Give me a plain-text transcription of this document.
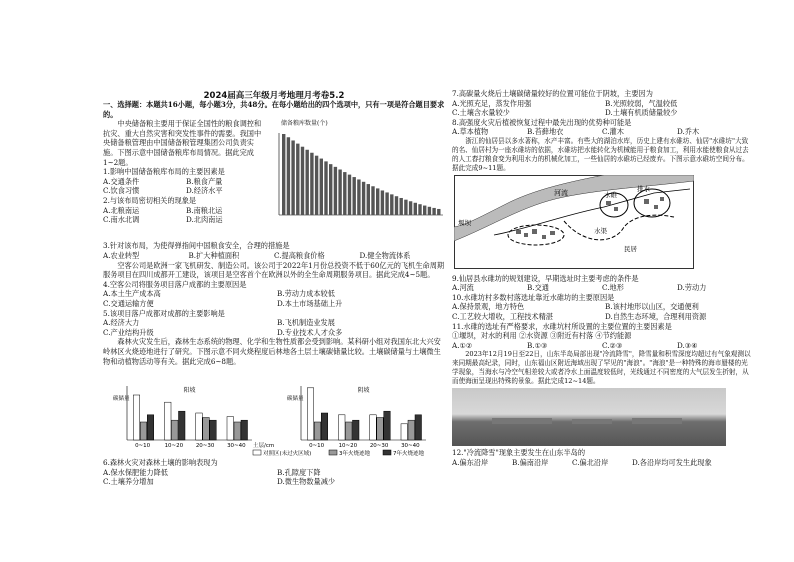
2024届高三年级月考地理月考卷5.2

一、选择题：本题共16小题，每小题3分，共48分。在每小题给出的四个选项中，只有一项是符合题目要求的。

中央储备粮主要用于保证全国性的粮食调控和抗灾、重大自然灾害和突发性事件的需要。我国中央储备粮管理由中国储备粮管理集团公司负责实施。下图示意中国储备粮库布局情况。据此完成1~2题。

1.影响中国储备粮库布局的主要因素是

A.交通条件	B.粮食产量
C.饮食习惯	D.经济水平

2.与该布局密切相关的现象是

A.北粮南运	B.南粮北运
C.南水北调	D.北肉南运
储备粮库数量(个)

3.针对该布局，为使得弹指间中国粮食安全，合理的措施是

A.农业转型	B.扩大种植面积	C.提高粮食价格	D.健全物流体系

空客公司是欧洲一家飞机研发、制造公司。该公司于2022年1月份总投资不低于60亿元的飞机生命周期服务项目在四川成都开工建设，该项目是空客首个在欧洲以外的全生命周期服务项目。据此完成4~5题。

4.空客公司将服务项目落户成都的主要原因是

A.本土生产成本高	B.劳动力成本较低
C.交通运输方便	D.本土市场基础上升

5.该项目落户成都对成都的主要影响是

A.经济大力	B.飞机制造业发展
C.产业结构升级	D.专业技术人才众多

森林火灾发生后，森林生态系统的物理、化学和生物性质都会受到影响。某科研小组对我国东北大兴安岭林区火烧迹地进行了研究。下图示意不同火烧程度后林地各土层土壤碳储量比较。土壤碳储量与土壤微生物和动植物活动等有关。据此完成6~8题。

阳坡
碳储量
0~10	10~20 20~30 30~40
阴坡
碳储量
0~10	10~20 20~30 30~40
土层/cm
对照区(未过火区域)	3年火烧迹地	7年火烧迹地

6.森林火灾对森林土壤的影响表现为

A.保水保肥能力降低	B.孔隙度下降
C.土壤养分增加	D.微生物数量减少

7.高碳量火烧后土壤碳储量较好的位置可能位于阴坡，主要因为

A.光照充足，蒸发作用强	B.光照较弱，气温较低
C.土壤含水量较少	D.土壤有机质储量较少

8.高强度火灾后植被恢复过程中最先出现的优势种可能是

A.草本植物	B.苔藓地衣	C.灌木	D.乔木

浙江的仙居县以多水著称，水产丰富。有些大的湖泊水库，历史上建有水碓坊、仙居"水碓坊"大致的名、仙居村为一座水碓坊的依据，水碓坊把水能转化为机械能用于粮食加工，利用水能使粮食从过去的人工舂打粮食变为利用水力的机械化加工，一些仙居的水碓坊已经废弃。下图示意水碓坊空间分布。据此完成9~11题。

河流	水碓
排水
水渠
民居
堰坝

9.仙居县水碓坊的规划建设，早期选址时主要考虑的条件是

A.河流	B.交通	C.地形	D.劳动力

10.水碓坊村多数村落选址靠近水碓坊的主要原因是

A.保持景观，地方特色	B.该村地形以山区，交通便利
C.工艺较大增收，工程技术精湛	D.自然生态环境，合理利用资源

11.水碓的选址有严格要求，水碓坑村所设置的主要位置的主要因素是

①堰坝，对水的利用 ②水资源 ③附近有村落 ④节约能源

A.①②	B.①③	C.②③	D.③④

2023年12月19日至22日，山东半岛局部出现"冷流降雪"，降雪量和积雪深度均超过有气象观测以来同期最高纪录，同时，山东福山区附近海域出现了罕见的"海浪"。"海浪"是一种特殊的海市蜃楼的光学现象，当海水与冷空气相差较大或者冷水上面温度较低时，光线通过不同密度的大气层发生折射，从而使海面呈现出特殊的景象。据此完成12~14题。

12."冷流降雪"现象主要发生在山东半岛的

A.偏东沿岸	B.偏南沿岸	C.偏北沿岸	D.各沿岸均可发生此现象
